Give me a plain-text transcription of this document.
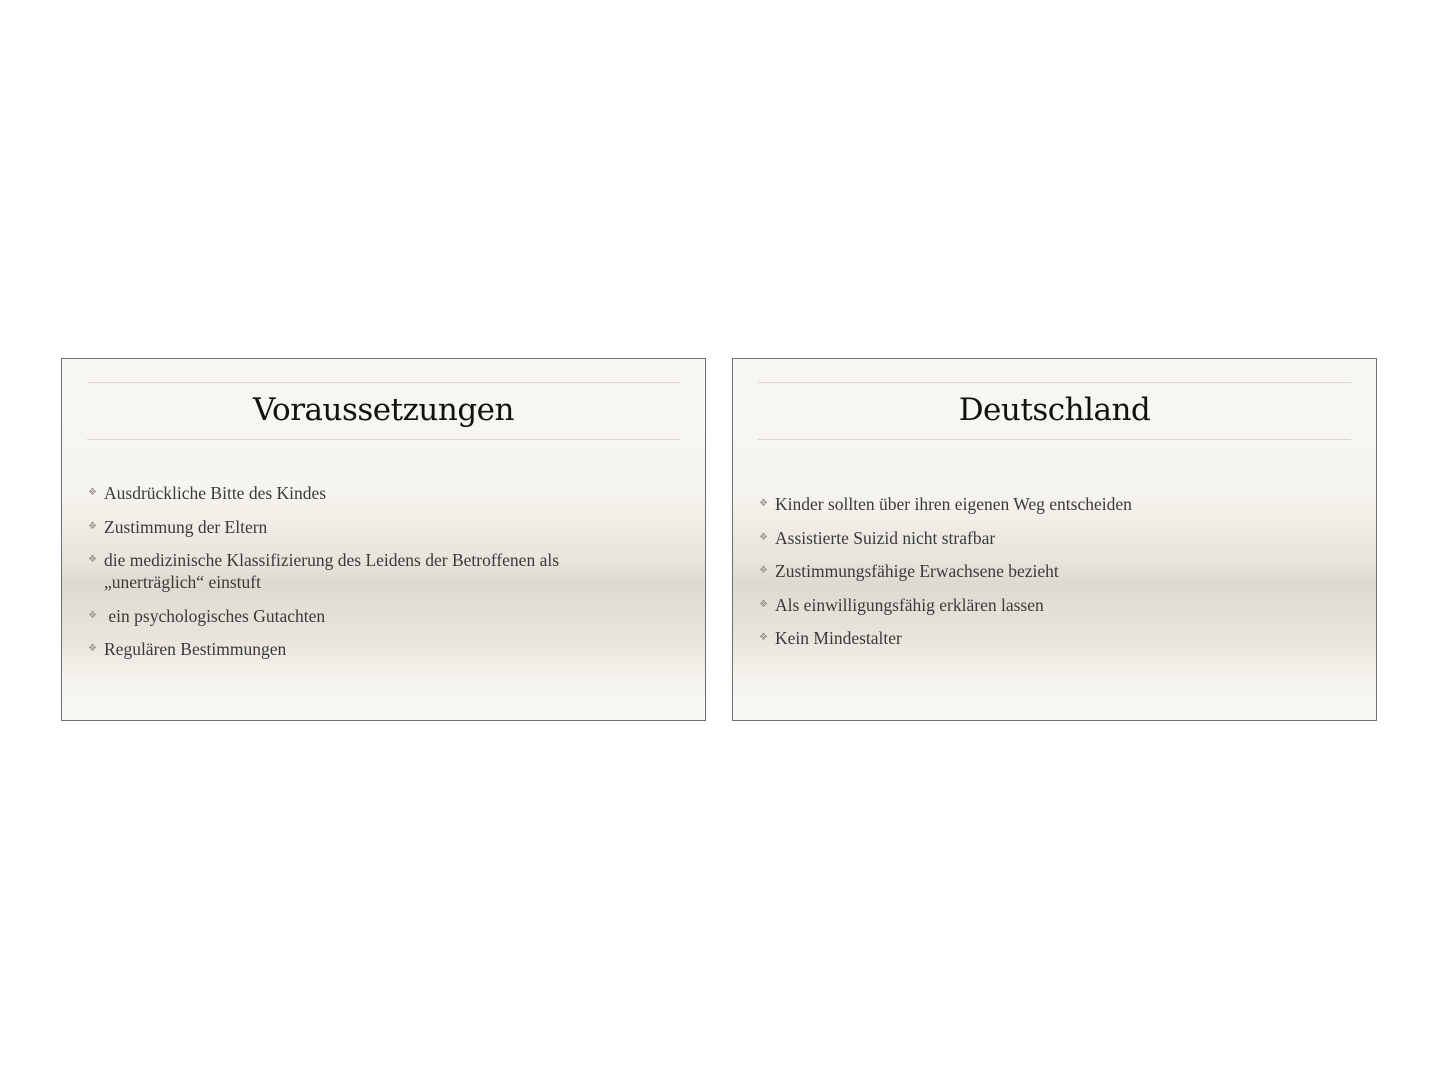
Voraussetzungen
❖ Ausdrückliche Bitte des Kindes
❖ Zustimmung der Eltern
❖ die medizinische Klassifizierung des Leidens der Betroffenen als „unerträglich“ einstuft
❖ ein psychologisches Gutachten
❖ Regulären Bestimmungen
Deutschland
❖ Kinder sollten über ihren eigenen Weg entscheiden
❖ Assistierte Suizid nicht strafbar
❖ Zustimmungsfähige Erwachsene bezieht
❖ Als einwilligungsfähig erklären lassen
❖ Kein Mindestalter
